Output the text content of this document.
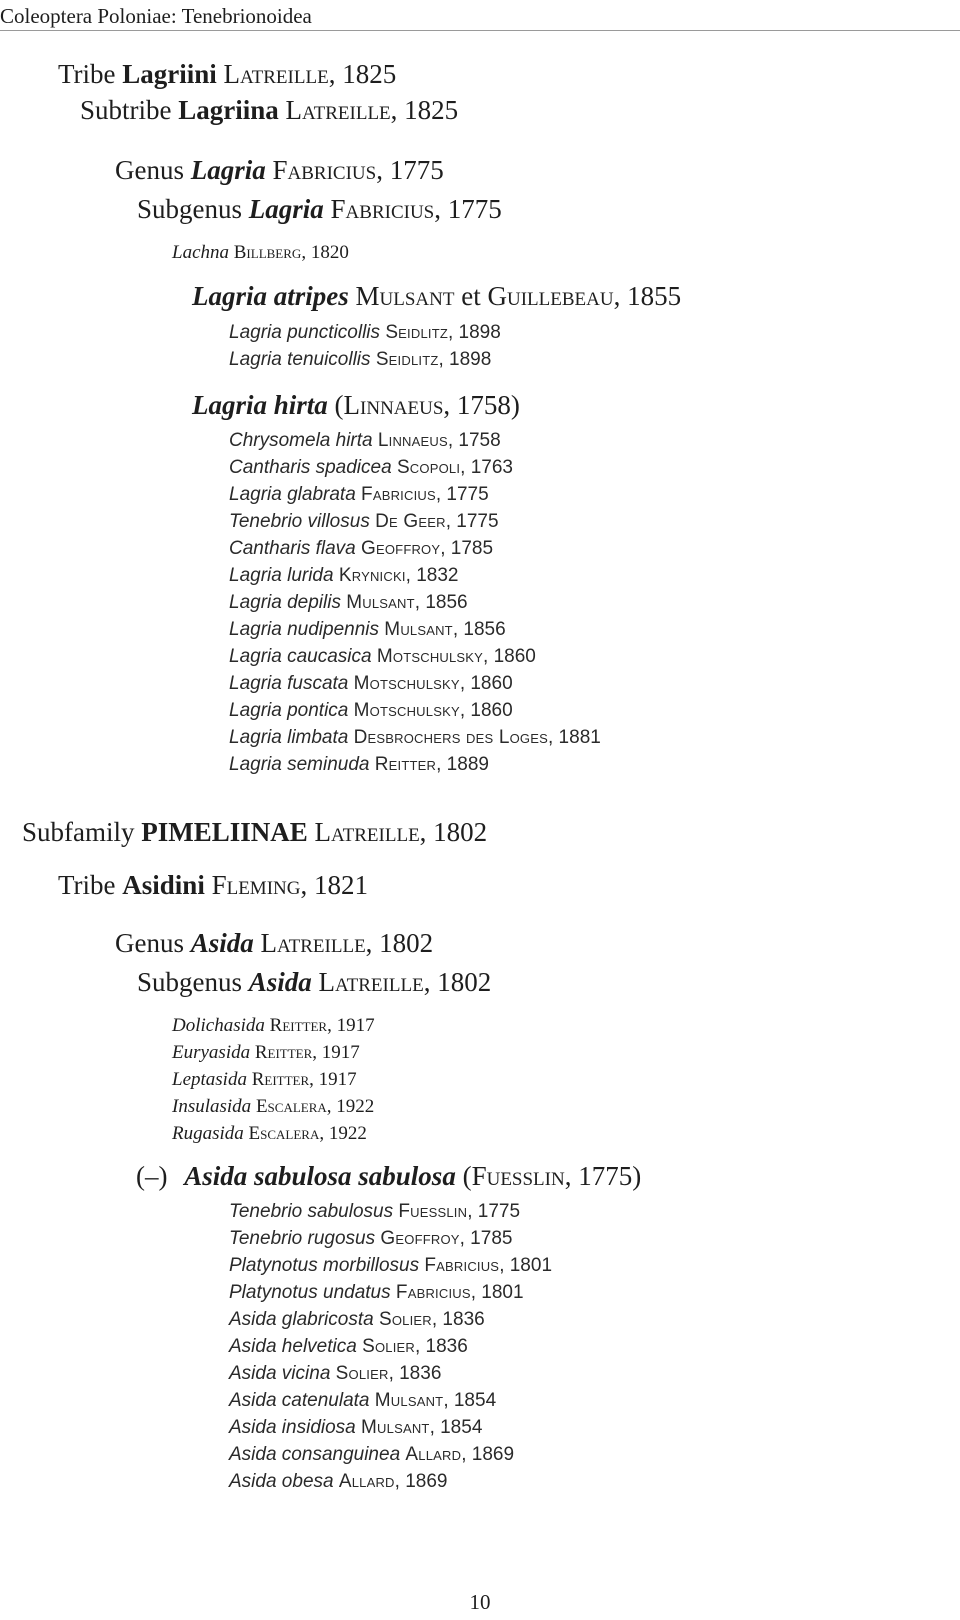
Coleoptera Poloniae: Tenebrionoidea
Tribe Lagriini Latreille, 1825
Subtribe Lagriina Latreille, 1825
Genus Lagria Fabricius, 1775
Subgenus Lagria Fabricius, 1775
Lachna Billberg, 1820
Lagria atripes Mulsant et Guillebeau, 1855
Lagria puncticollis Seidlitz, 1898
Lagria tenuicollis Seidlitz, 1898
Lagria hirta (Linnaeus, 1758)
Chrysomela hirta Linnaeus, 1758
Cantharis spadicea Scopoli, 1763
Lagria glabrata Fabricius, 1775
Tenebrio villosus De Geer, 1775
Cantharis flava Geoffroy, 1785
Lagria lurida Krynicki, 1832
Lagria depilis Mulsant, 1856
Lagria nudipennis Mulsant, 1856
Lagria caucasica Motschulsky, 1860
Lagria fuscata Motschulsky, 1860
Lagria pontica Motschulsky, 1860
Lagria limbata Desbrochers des Loges, 1881
Lagria seminuda Reitter, 1889
Subfamily PIMELIINAE Latreille, 1802
Tribe Asidini Fleming, 1821
Genus Asida Latreille, 1802
Subgenus Asida Latreille, 1802
Dolichasida Reitter, 1917
Euryasida Reitter, 1917
Leptasida Reitter, 1917
Insulasida Escalera, 1922
Rugasida Escalera, 1922
(–) Asida sabulosa sabulosa (Fuesslin, 1775)
Tenebrio sabulosus Fuesslin, 1775
Tenebrio rugosus Geoffroy, 1785
Platynotus morbillosus Fabricius, 1801
Platynotus undatus Fabricius, 1801
Asida glabricosta Solier, 1836
Asida helvetica Solier, 1836
Asida vicina Solier, 1836
Asida catenulata Mulsant, 1854
Asida insidiosa Mulsant, 1854
Asida consanguinea Allard, 1869
Asida obesa Allard, 1869
10
